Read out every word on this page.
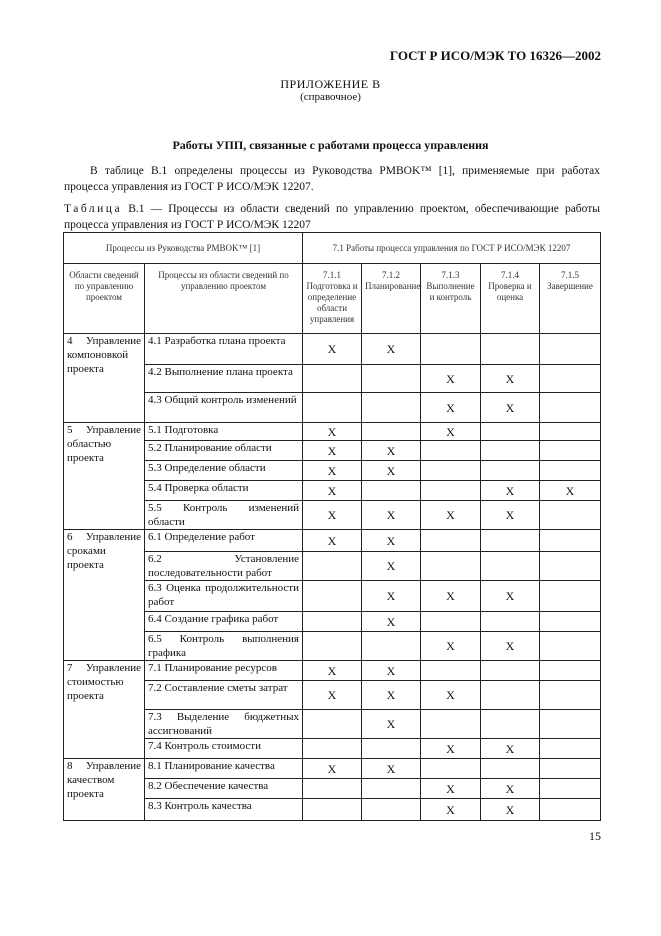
ГОСТ Р ИСО/МЭК ТО 16326—2002
ПРИЛОЖЕНИЕ В
(справочное)
Работы УПП, связанные с работами процесса управления
В таблице В.1 определены процессы из Руководства PMBOK™ [1], применяемые при работах процесса управления из ГОСТ Р ИСО/МЭК 12207.
Таблица В.1 — Процессы из области сведений по управлению проектом, обеспечивающие работы процесса управления из ГОСТ Р ИСО/МЭК 12207
Процессы из Руководства PMBOK™ [1]		7.1 Работы процесса управления по ГОСТ Р ИСО/МЭК 12207				
Области сведений по управлению проектом	Процессы из области сведений по управлению проектом	7.1.1 Подготовка и определение области управления	7.1.2 Планирование	7.1.3 Выполнение и контроль	7.1.4 Проверка и оценка	7.1.5 Завершение
4 Управление компоновкой проекта	4.1 Разработка плана проекта	X	X			
	4.2 Выполнение плана проекта			X	X	
	4.3 Общий контроль изменений			X	X	
5 Управление областью проекта	5.1 Подготовка	X		X		
	5.2 Планирование области	X	X			
	5.3 Определение области	X	X			
	5.4 Проверка области	X			X	X
	5.5 Контроль изменений области	X	X	X	X	
6 Управление сроками проекта	6.1 Определение работ	X	X			
	6.2 Установление последовательности работ		X			
	6.3 Оценка продолжительности работ		X	X	X	
	6.4 Создание графика работ		X			
	6.5 Контроль выполнения графика			X	X	
7 Управление стоимостью проекта	7.1 Планирование ресурсов	X	X			
	7.2 Составление сметы затрат	X	X	X		
	7.3 Выделение бюджетных ассигнований		X			
	7.4 Контроль стоимости			X	X	
8 Управление качеством проекта	8.1 Планирование качества	X	X			
	8.2 Обеспечение качества			X	X	
	8.3 Контроль качества			X	X	
15
